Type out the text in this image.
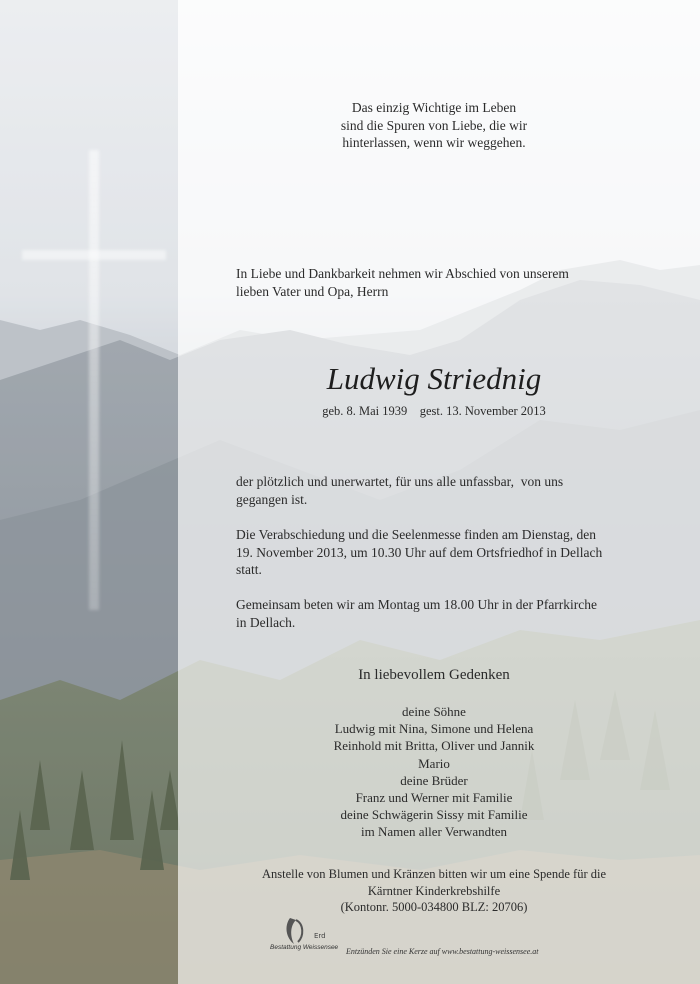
Das einzig Wichtige im Leben
sind die Spuren von Liebe, die wir
hinterlassen, wenn wir weggehen.
In Liebe und Dankbarkeit nehmen wir Abschied von unserem
lieben Vater und Opa, Herrn
Ludwig Striednig
geb. 8. Mai 1939    gest. 13. November 2013
der plötzlich und unerwartet, für uns alle unfassbar,  von uns
gegangen ist.
Die Verabschiedung und die Seelenmesse finden am Dienstag, den
19. November 2013, um 10.30 Uhr auf dem Ortsfriedhof in Dellach
statt.
Gemeinsam beten wir am Montag um 18.00 Uhr in der Pfarrkirche
in Dellach.
In liebevollem Gedenken
deine Söhne
Ludwig mit Nina, Simone und Helena
Reinhold mit Britta, Oliver und Jannik
Mario
deine Brüder
Franz und Werner mit Familie
deine Schwägerin Sissy mit Familie
im Namen aller Verwandten
Anstelle von Blumen und Kränzen bitten wir um eine Spende für die
Kärntner Kinderkrebshilfe
(Kontonr. 5000-034800 BLZ: 20706)
Erd
Bestattung Weissensee Entzünden Sie eine Kerze auf www.bestattung-weissensee.at
